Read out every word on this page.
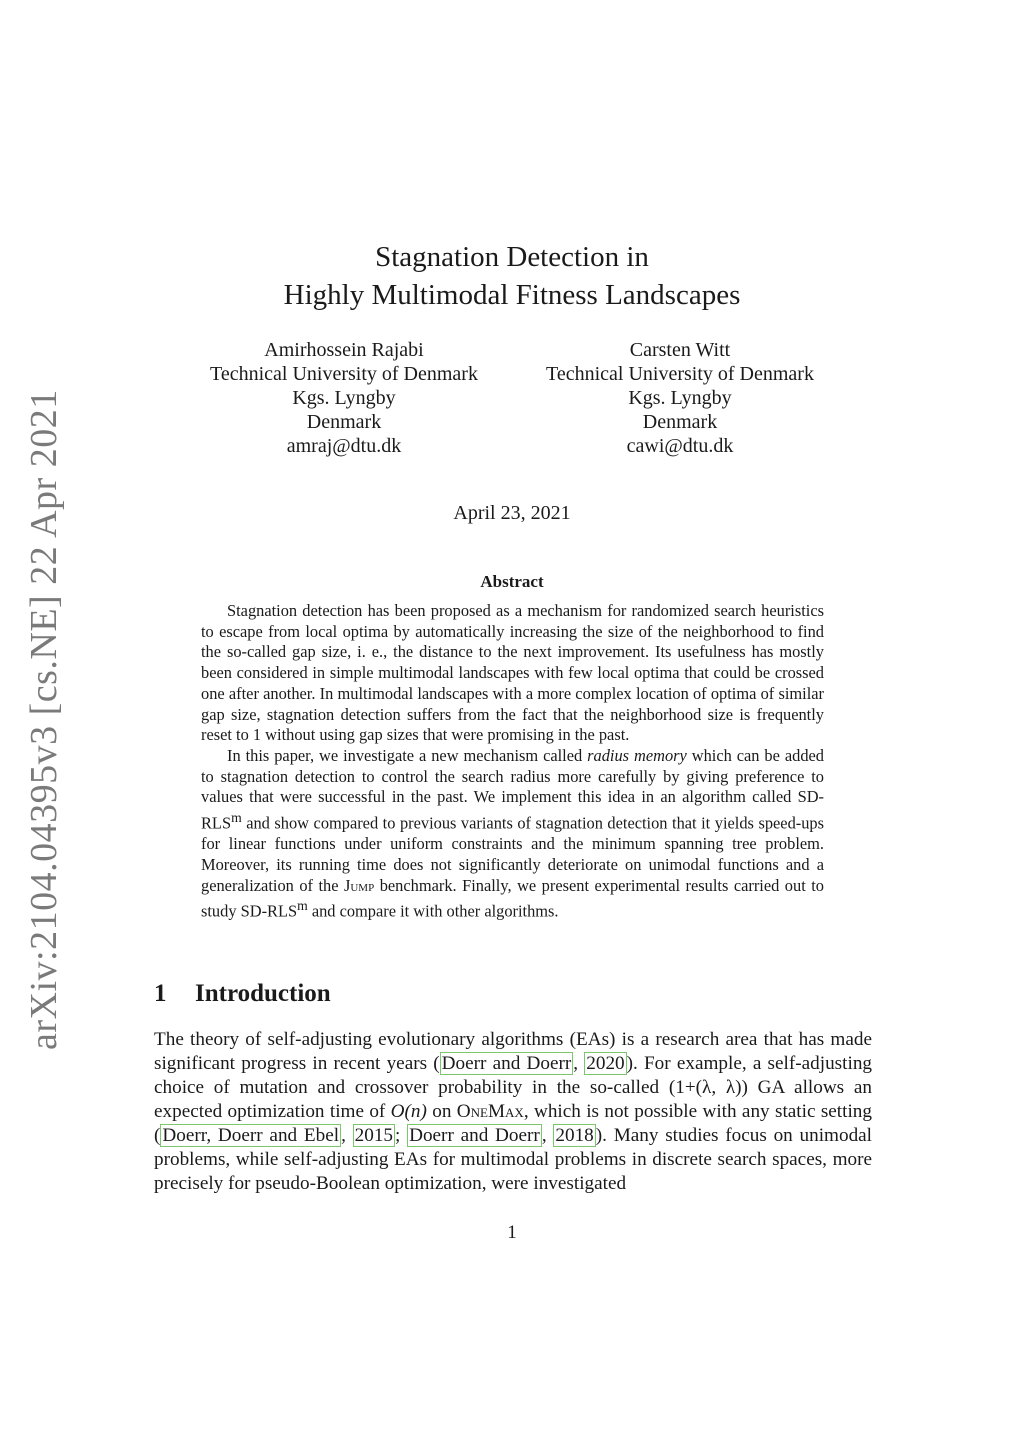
arXiv:2104.04395v3 [cs.NE] 22 Apr 2021
Stagnation Detection in
Highly Multimodal Fitness Landscapes
Amirhossein Rajabi
Technical University of Denmark
Kgs. Lyngby
Denmark
amraj@dtu.dk
Carsten Witt
Technical University of Denmark
Kgs. Lyngby
Denmark
cawi@dtu.dk
April 23, 2021
Abstract

Stagnation detection has been proposed as a mechanism for randomized search heuristics to escape from local optima by automatically increasing the size of the neighborhood to find the so-called gap size, i. e., the distance to the next improvement. Its usefulness has mostly been considered in simple multimodal landscapes with few local optima that could be crossed one after another. In multimodal landscapes with a more complex location of optima of similar gap size, stagnation detection suffers from the fact that the neighborhood size is frequently reset to 1 without using gap sizes that were promising in the past.

In this paper, we investigate a new mechanism called radius memory which can be added to stagnation detection to control the search radius more carefully by giving preference to values that were successful in the past. We implement this idea in an algorithm called SD-RLS$^m$ and show compared to previous variants of stagnation detection that it yields speed-ups for linear functions under uniform constraints and the minimum spanning tree problem. Moreover, its running time does not significantly deteriorate on unimodal functions and a generalization of the Jump benchmark. Finally, we present experimental results carried out to study SD-RLS$^m$ and compare it with other algorithms.

1 Introduction

The theory of self-adjusting evolutionary algorithms (EAs) is a research area that has made significant progress in recent years ( Doerr and Doerr , 2020 ). For example, a self-adjusting choice of mutation and crossover probability in the so-called (1+(λ, λ)) GA allows an expected optimization time of O(n) on OneMax, which is not possible with any static setting ( Doerr, Doerr and Ebel , 2015 ; Doerr and Doerr , 2018 ). Many studies focus on unimodal problems, while self-adjusting EAs for multimodal problems in discrete search spaces, more precisely for pseudo-Boolean optimization, were investigated

1
